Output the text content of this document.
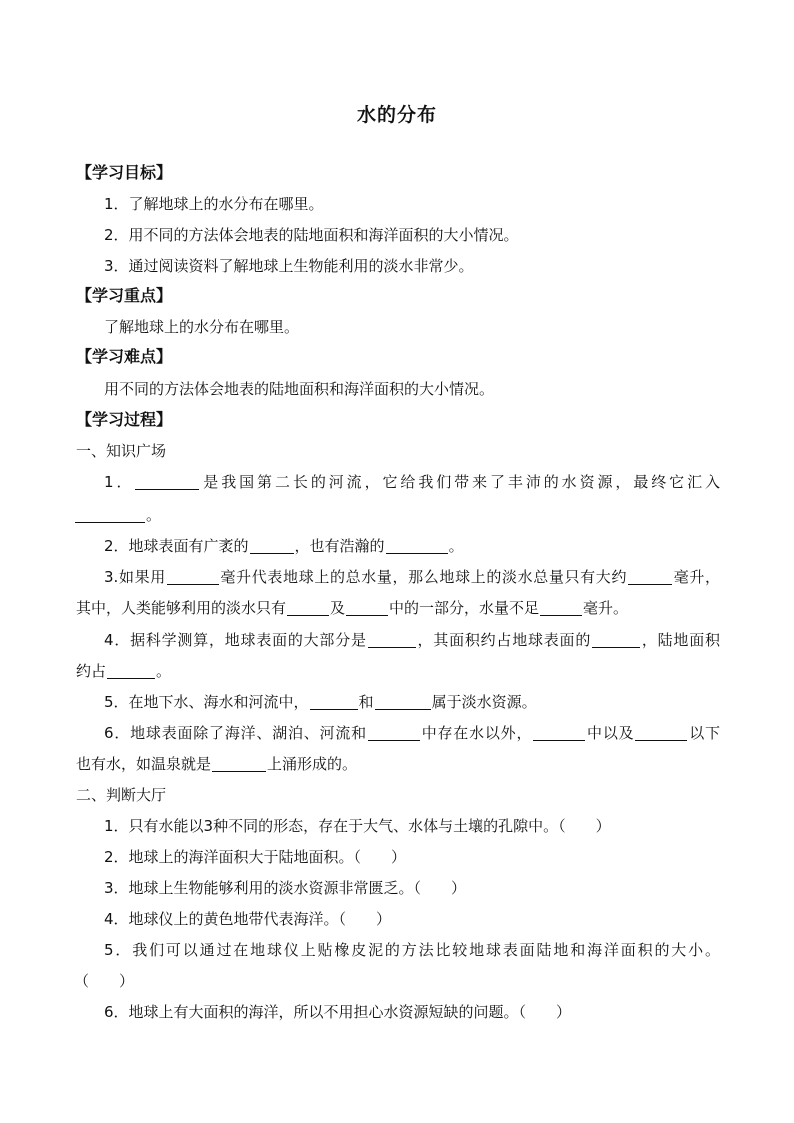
水的分布
【学习目标】
1．了解地球上的水分布在哪里。
2．用不同的方法体会地表的陆地面积和海洋面积的大小情况。
3．通过阅读资料了解地球上生物能利用的淡水非常少。
【学习重点】
了解地球上的水分布在哪里。
【学习难点】
用不同的方法体会地表的陆地面积和海洋面积的大小情况。
【学习过程】
一、知识广场
1．	是我国第二长的河流，它给我们带来了丰沛的水资源，最终它汇入
。
2．地球表面有广袤的	，也有浩瀚的	。
3.如果用	毫升代表地球上的总水量，那么地球上的淡水总量只有大约	毫升，
其中，人类能够利用的淡水只有	及	中的一部分，水量不足	毫升。
4．据科学测算，地球表面的大部分是	，其面积约占地球表面的	，陆地面积
约占	。
5．在地下水、海水和河流中，	和	属于淡水资源。
6．地球表面除了海洋、湖泊、河流和	中存在水以外，	中以及	以下
也有水，如温泉就是	上涌形成的。
二、判断大厅
1．只有水能以3种不同的形态，存在于大气、水体与土壤的孔隙中。（ ）
2．地球上的海洋面积大于陆地面积。（ ）
3．地球上生物能够利用的淡水资源非常匮乏。（ ）
4．地球仪上的黄色地带代表海洋。（ ）
5．我们可以通过在地球仪上贴橡皮泥的方法比较地球表面陆地和海洋面积的大小。
（ ）
6．地球上有大面积的海洋，所以不用担心水资源短缺的问题。（ ）
